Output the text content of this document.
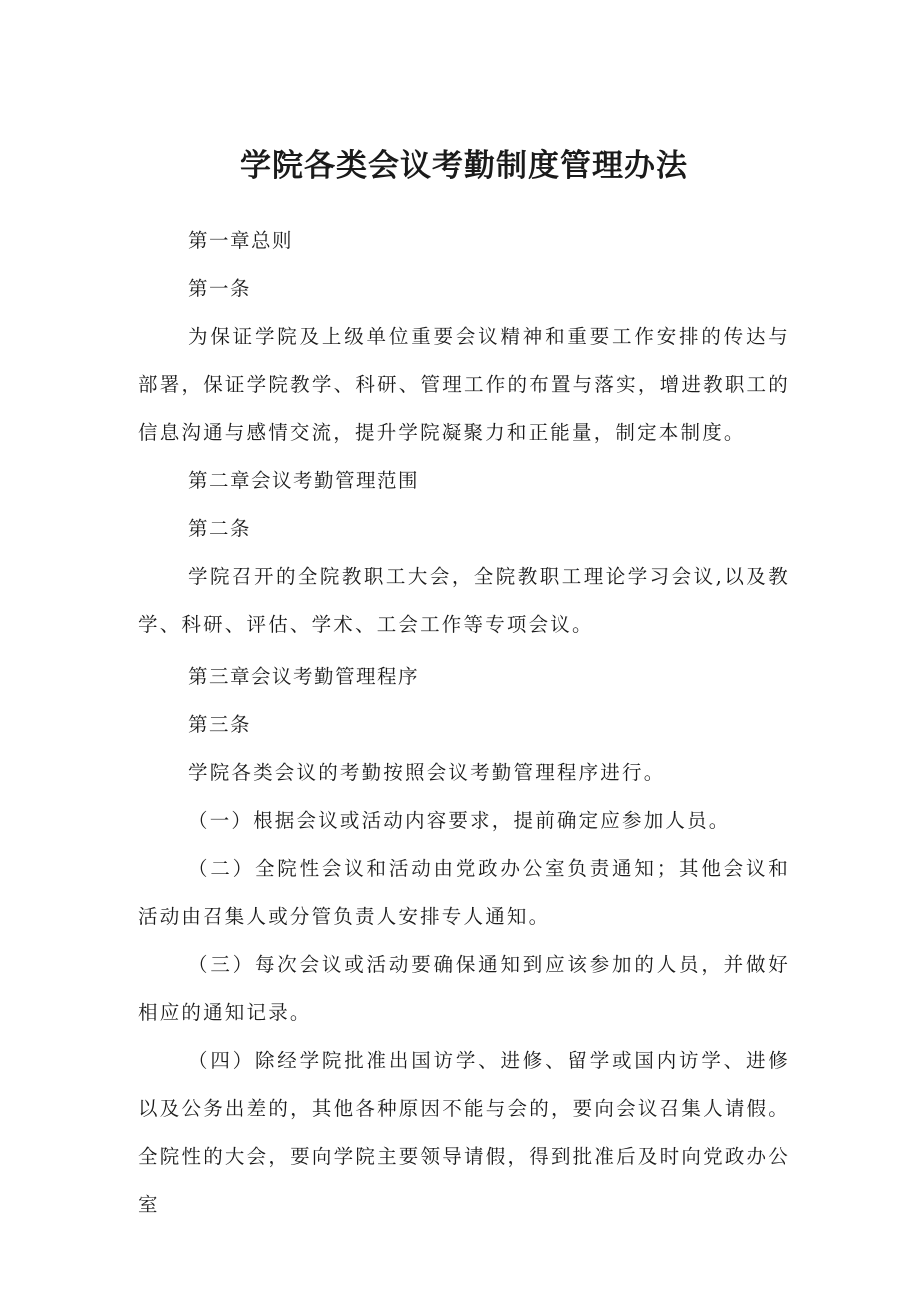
学院各类会议考勤制度管理办法

第一章总则

第一条

为保证学院及上级单位重要会议精神和重要工作安排的传达与部署，保证学院教学、科研、管理工作的布置与落实，增进教职工的信息沟通与感情交流，提升学院凝聚力和正能量，制定本制度。

第二章会议考勤管理范围

第二条

学院召开的全院教职工大会，全院教职工理论学习会议,以及教学、科研、评估、学术、工会工作等专项会议。

第三章会议考勤管理程序

第三条

学院各类会议的考勤按照会议考勤管理程序进行。

（一）根据会议或活动内容要求，提前确定应参加人员。

（二）全院性会议和活动由党政办公室负责通知；其他会议和活动由召集人或分管负责人安排专人通知。

（三）每次会议或活动要确保通知到应该参加的人员，并做好相应的通知记录。

（四）除经学院批准出国访学、进修、留学或国内访学、进修以及公务出差的，其他各种原因不能与会的，要向会议召集人请假。全院性的大会，要向学院主要领导请假，得到批准后及时向党政办公室
